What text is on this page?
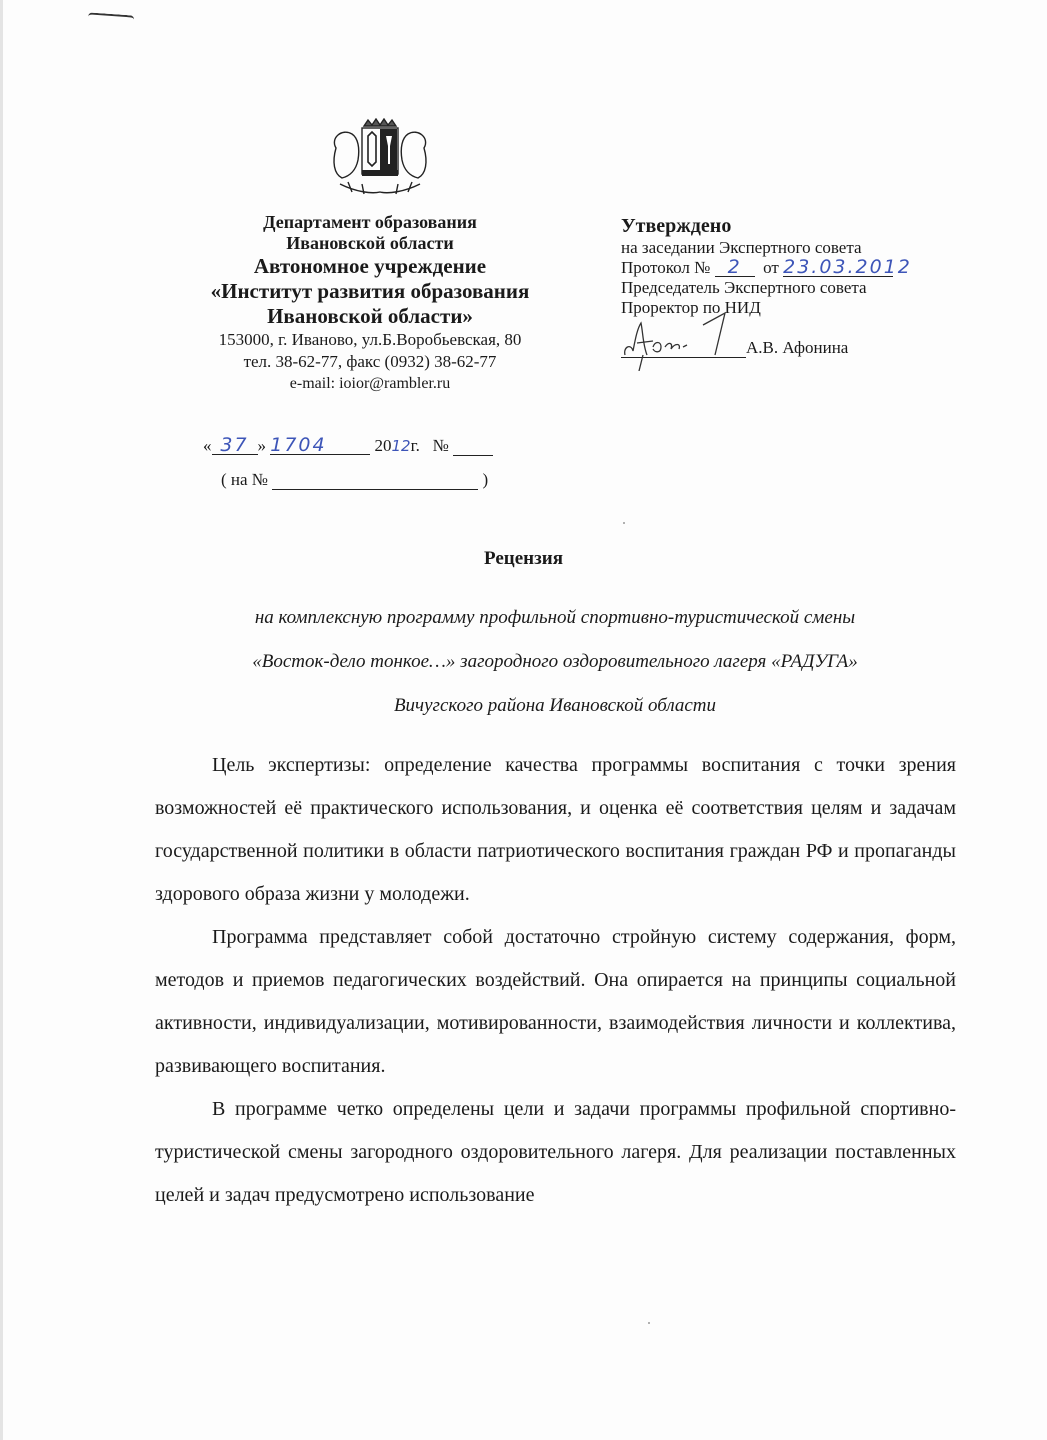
Департамент образования
Ивановской области
Автономное учреждение
«Институт развития образования
Ивановской области»
153000, г. Иваново, ул.Б.Воробьевская, 80
тел. 38-62-77, факс (0932) 38-62-77
e-mail: ioior@rambler.ru
« 37 » 1704	2012г. №
( на №	)
Утверждено
на заседании Экспертного совета
Протокол № 2 от 23.03.2012
Председатель Экспертного совета
Проректор по НИД
А.В. Афонина
Рецензия
на комплексную программу профильной спортивно-туристической смены
«Восток-дело тонкое…» загородного оздоровительного лагеря «РАДУГА»
Вичугского района Ивановской области

Цель экспертизы: определение качества программы воспитания с точки зрения возможностей её практического использования, и оценка её соответствия целям и задачам государственной политики в области патриотического воспитания граждан РФ и пропаганды здорового образа жизни у молодежи.

Программа представляет собой достаточно стройную систему содержания, форм, методов и приемов педагогических воздействий. Она опирается на принципы социальной активности, индивидуализации, мотивированности, взаимодействия личности и коллектива, развивающего воспитания.

В программе четко определены цели и задачи программы профильной спортивно-туристической смены загородного оздоровительного лагеря. Для реализации поставленных целей и задач предусмотрено использование
